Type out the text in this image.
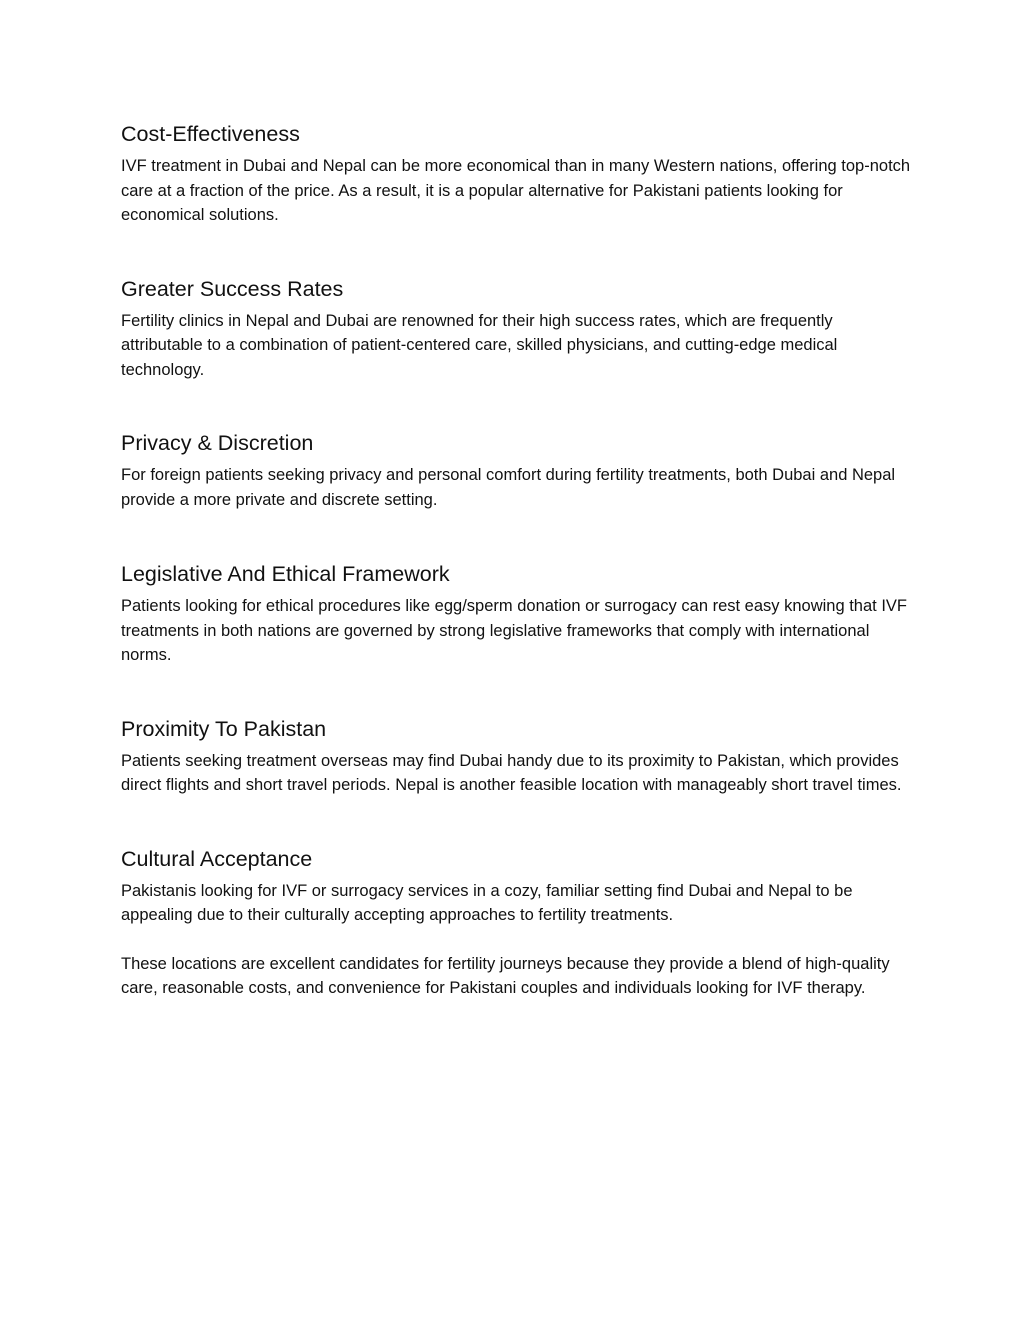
Cost-Effectiveness

IVF treatment in Dubai and Nepal can be more economical than in many Western nations, offering top-notch care at a fraction of the price. As a result, it is a popular alternative for Pakistani patients looking for economical solutions.

Greater Success Rates

Fertility clinics in Nepal and Dubai are renowned for their high success rates, which are frequently attributable to a combination of patient-centered care, skilled physicians, and cutting-edge medical technology.

Privacy & Discretion

For foreign patients seeking privacy and personal comfort during fertility treatments, both Dubai and Nepal provide a more private and discrete setting.

Legislative And Ethical Framework

Patients looking for ethical procedures like egg/sperm donation or surrogacy can rest easy knowing that IVF treatments in both nations are governed by strong legislative frameworks that comply with international norms.

Proximity To Pakistan

Patients seeking treatment overseas may find Dubai handy due to its proximity to Pakistan, which provides direct flights and short travel periods. Nepal is another feasible location with manageably short travel times.

Cultural Acceptance

Pakistanis looking for IVF or surrogacy services in a cozy, familiar setting find Dubai and Nepal to be appealing due to their culturally accepting approaches to fertility treatments.

These locations are excellent candidates for fertility journeys because they provide a blend of high-quality care, reasonable costs, and convenience for Pakistani couples and individuals looking for IVF therapy.
